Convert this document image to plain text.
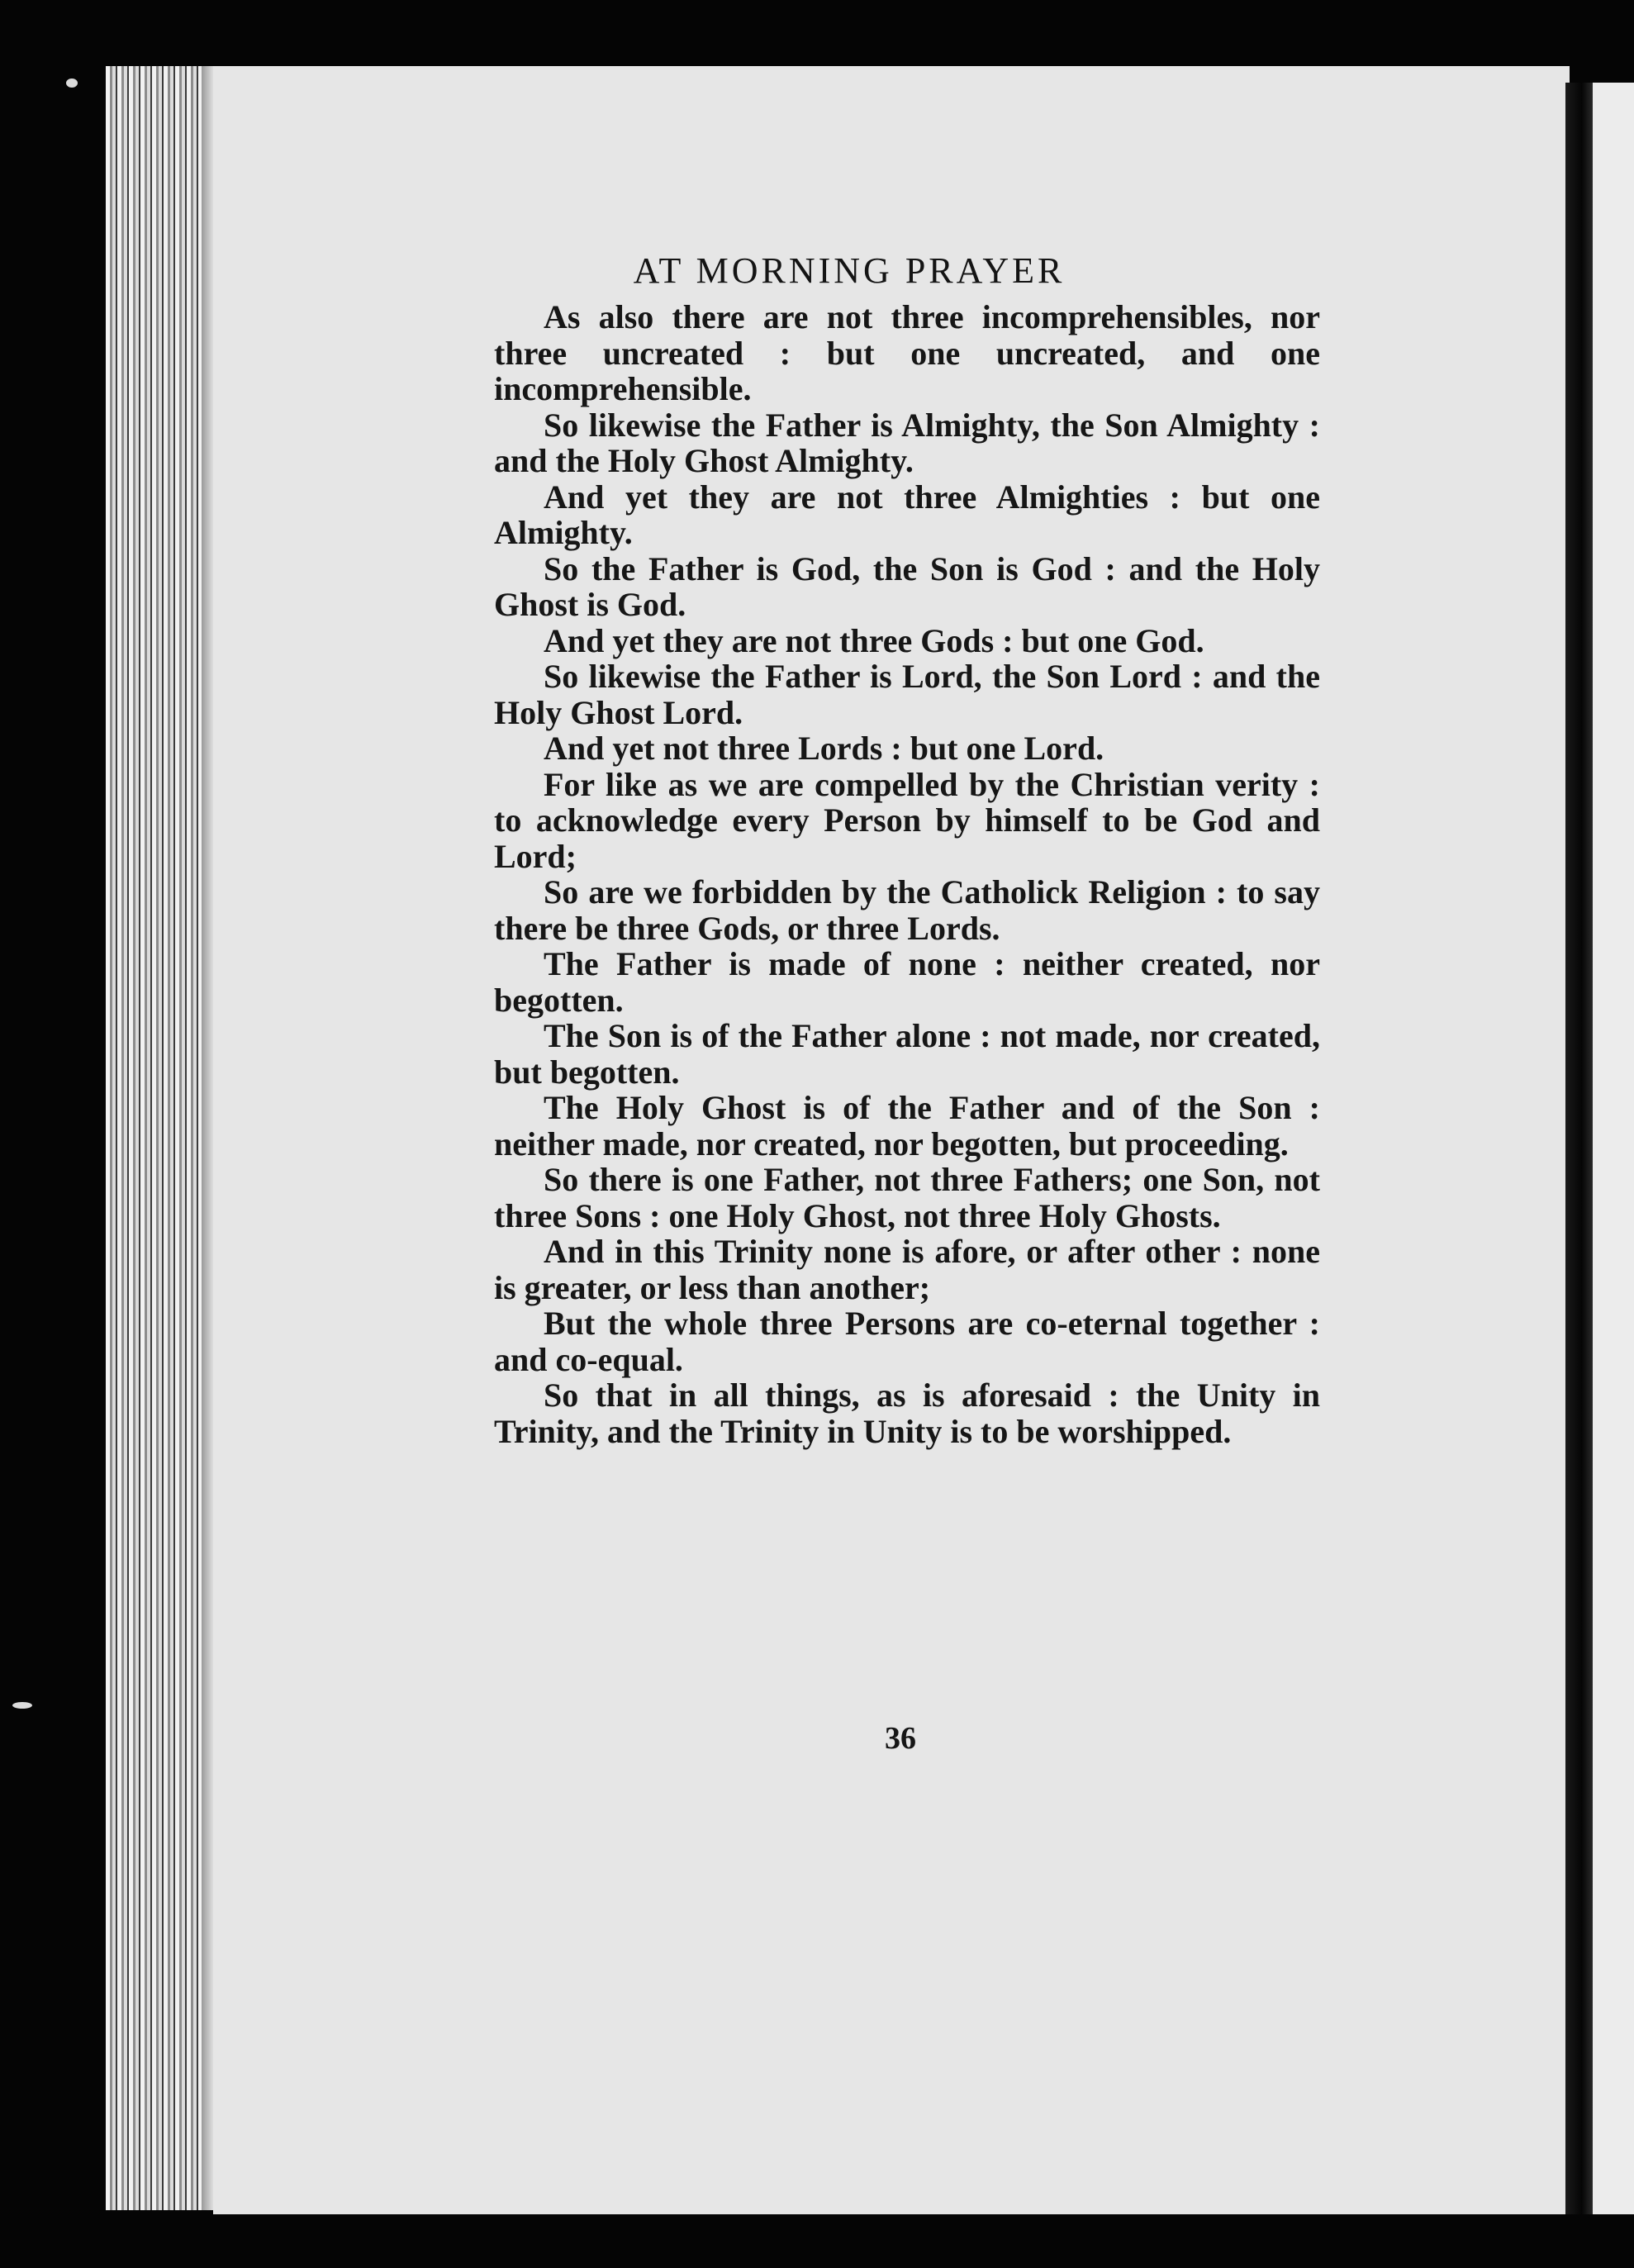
AT MORNING PRAYER

As also there are not three incomprehensibles, nor three uncreated : but one uncreated, and one incomprehensible.

So likewise the Father is Almighty, the Son Almighty : and the Holy Ghost Almighty.

And yet they are not three Almighties : but one Almighty.

So the Father is God, the Son is God : and the Holy Ghost is God.

And yet they are not three Gods : but one God.

So likewise the Father is Lord, the Son Lord : and the Holy Ghost Lord.

And yet not three Lords : but one Lord.

For like as we are compelled by the Christian verity : to acknowledge every Person by himself to be God and Lord;

So are we forbidden by the Catholick Religion : to say there be three Gods, or three Lords.

The Father is made of none : neither created, nor begotten.

The Son is of the Father alone : not made, nor created, but begotten.

The Holy Ghost is of the Father and of the Son : neither made, nor created, nor begotten, but proceeding.

So there is one Father, not three Fathers; one Son, not three Sons : one Holy Ghost, not three Holy Ghosts.

And in this Trinity none is afore, or after other : none is greater, or less than another;

But the whole three Persons are co-eternal together : and co-equal.

So that in all things, as is aforesaid : the Unity in Trinity, and the Trinity in Unity is to be worshipped.

36
